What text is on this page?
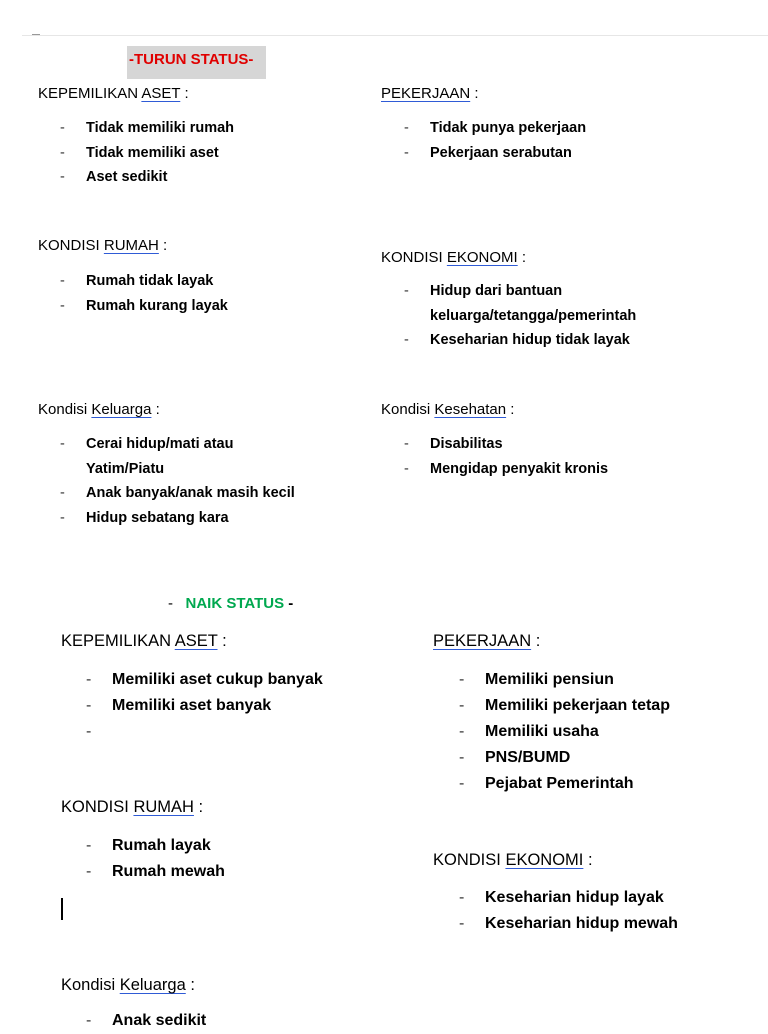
-TURUN STATUS-
KEPEMILIKAN ASET :
- Tidak memiliki rumah
- Tidak memiliki aset
- Aset sedikit
PEKERJAAN :
- Tidak punya pekerjaan
- Pekerjaan serabutan
KONDISI RUMAH :
- Rumah tidak layak
- Rumah kurang layak
KONDISI EKONOMI :
- Hidup dari bantuan
keluarga/tetangga/pemerintah
- Keseharian hidup tidak layak
Kondisi Keluarga :
- Cerai hidup/mati atau
Yatim/Piatu
- Anak banyak/anak masih kecil
- Hidup sebatang kara
Kondisi Kesehatan :
- Disabilitas
- Mengidap penyakit kronis
- NAIK STATUS -
KEPEMILIKAN ASET :
- Memiliki aset cukup banyak
- Memiliki aset banyak
-
PEKERJAAN :
- Memiliki pensiun
- Memiliki pekerjaan tetap
- Memiliki usaha
- PNS/BUMD
- Pejabat Pemerintah
KONDISI RUMAH :
- Rumah layak
- Rumah mewah
KONDISI EKONOMI :
- Keseharian hidup layak
- Keseharian hidup mewah
Kondisi Keluarga :
- Anak sedikit
